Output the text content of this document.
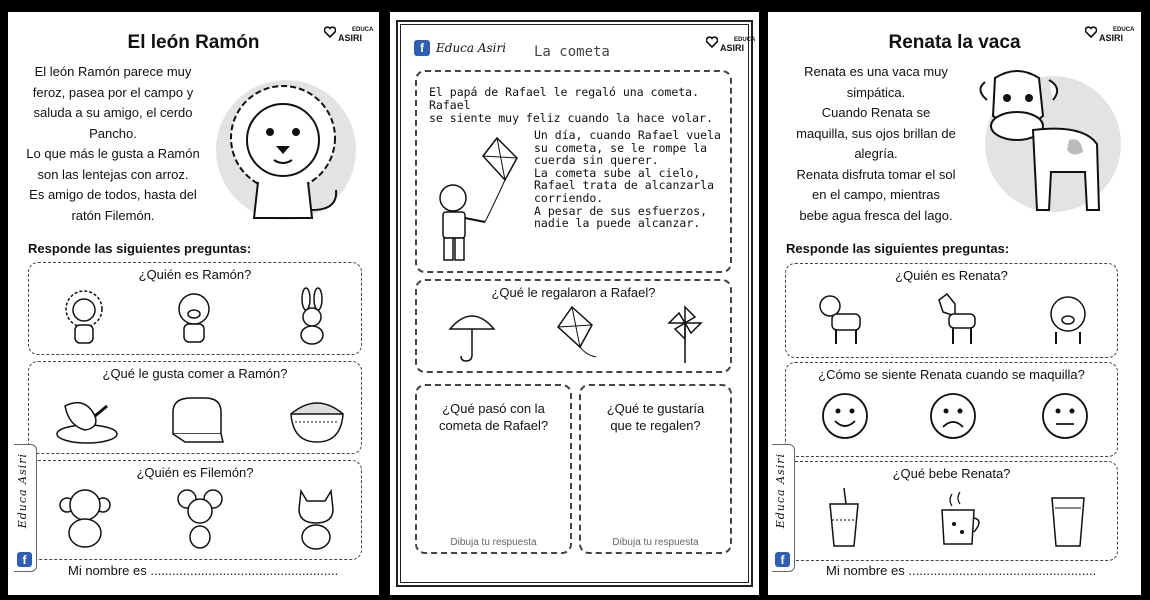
El león Ramón
EDUCA
ASIRI
El león Ramón parece muy
feroz, pasea por el campo y
saluda a su amigo, el cerdo
Pancho.
Lo que más le gusta a Ramón
son las lentejas con arroz.
Es amigo de todos, hasta del
ratón Filemón.
Responde las siguientes preguntas:
¿Quién es Ramón?
¿Qué le gusta comer a Ramón?
¿Quién es Filemón?
Educa Asiri
f
Mi nombre es ....................................................
f	Educa Asiri La cometa
EDUCA
ASIRI
El papá de Rafael le regaló una cometa. Rafael
se siente muy feliz cuando la hace volar.
Un día, cuando Rafael vuela
su cometa, se le rompe la
cuerda sin querer.
La cometa sube al cielo,
Rafael trata de alcanzarla
corriendo.
A pesar de sus esfuerzos,
nadie la puede alcanzar.
¿Qué le regalaron a Rafael?
¿Qué pasó con la
cometa de Rafael?
Dibuja tu respuesta
¿Qué te gustaría
que te regalen?
Dibuja tu respuesta
Renata la vaca
EDUCA
ASIRI
Renata es una vaca muy
simpática.
Cuando Renata se
maquilla, sus ojos brillan de
alegría.
Renata disfruta tomar el sol
en el campo, mientras
bebe agua fresca del lago.
Responde las siguientes preguntas:
¿Quién es Renata?
¿Cómo se siente Renata cuando se maquilla?
¿Qué bebe Renata?
Educa Asiri
f
Mi nombre es ....................................................
